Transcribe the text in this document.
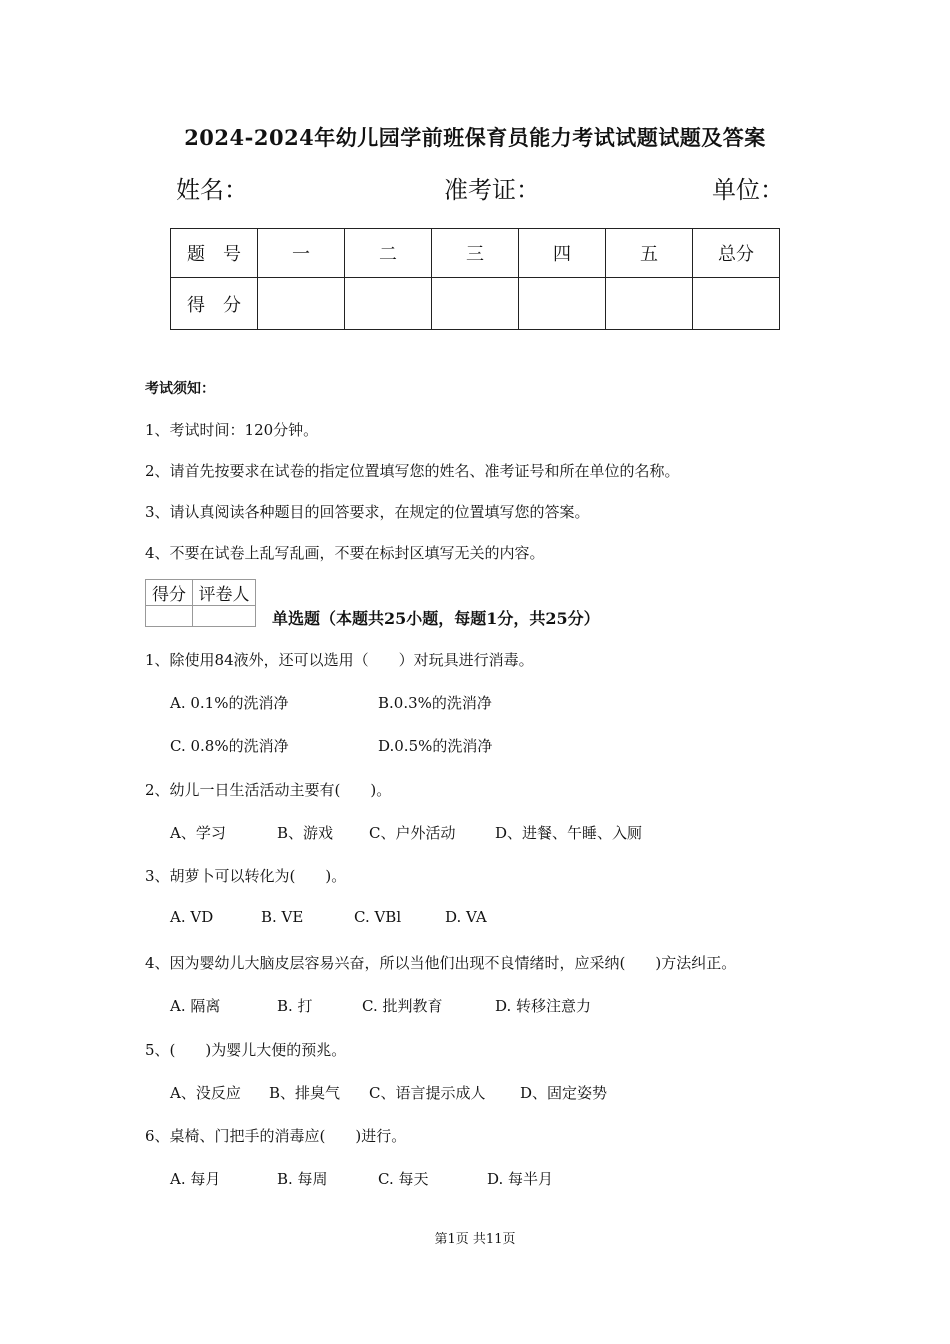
2024-2024年幼儿园学前班保育员能力考试试题试题及答案
姓名：	准考证：	单位：
题　号	一	二	三	四	五	总分
得　分						
考试须知：
1、考试时间：120分钟。
2、请首先按要求在试卷的指定位置填写您的姓名、准考证号和所在单位的名称。
3、请认真阅读各种题目的回答要求，在规定的位置填写您的答案。
4、不要在试卷上乱写乱画，不要在标封区填写无关的内容。
得分	评卷人

单选题（本题共25小题，每题1分，共25分）
1、除使用84液外，还可以选用（　　）对玩具进行消毒。
A. 0.1%的洗消净	B.0.3%的洗消净
C. 0.8%的洗消净	D.0.5%的洗消净
2、幼儿一日生活活动主要有(　　)。
A、学习	B、游戏 C、户外活动	D、进餐、午睡、入厕
3、胡萝卜可以转化为(　　)。
A. VD	B. VE	C. VBl	D. VA
4、因为婴幼儿大脑皮层容易兴奋，所以当他们出现不良情绪时，应采纳(　　)方法纠正。
A. 隔离	B. 打	C. 批判教育	D. 转移注意力
5、(　　)为婴儿大便的预兆。
A、没反应 B、排臭气 C、语言提示成人 D、固定姿势
6、桌椅、门把手的消毒应(　　)进行。
A. 每月	B. 每周	C. 每天	D. 每半月
第1页 共11页
